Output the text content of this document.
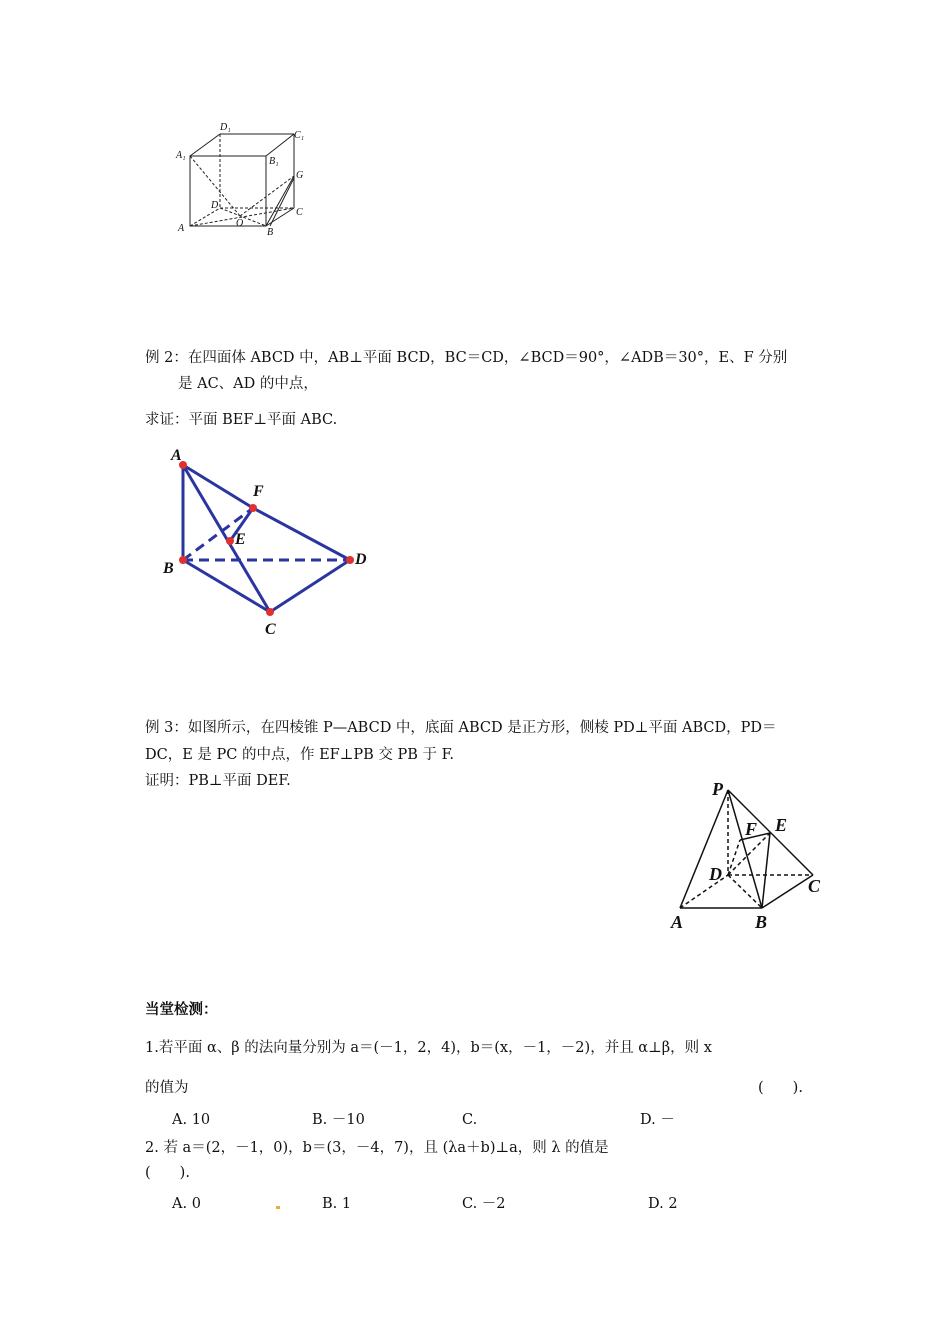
D₁
C₁
A₁
B₁
G
D
O
C
A	B
例 2：在四面体 ABCD 中，AB⊥平面 BCD，BC＝CD，∠BCD＝90°，∠ADB＝30°，E、F 分别
是 AC、AD 的中点，
求证：平面 BEF⊥平面 ABC.
A
F
E
B
D
C
例 3：如图所示，在四棱锥 P—ABCD 中，底面 ABCD 是正方形，侧棱 PD⊥平面 ABCD，PD＝
DC，E 是 PC 的中点，作 EF⊥PB 交 PB 于 F.
证明：PB⊥平面 DEF.	P
F E
D
C
A	B
当堂检测：
1.若平面 α、β 的法向量分别为 a＝(－1，2，4)，b＝(x，－1，－2)，并且 α⊥β，则 x
的值为	(　　).
A. 10	B. －10	C.	D. －
2. 若 a＝(2，－1，0)，b＝(3，－4，7)，且 (λa＋b)⊥a，则 λ 的值是
(　　).
A. 0	B. 1	C. －2	D. 2
